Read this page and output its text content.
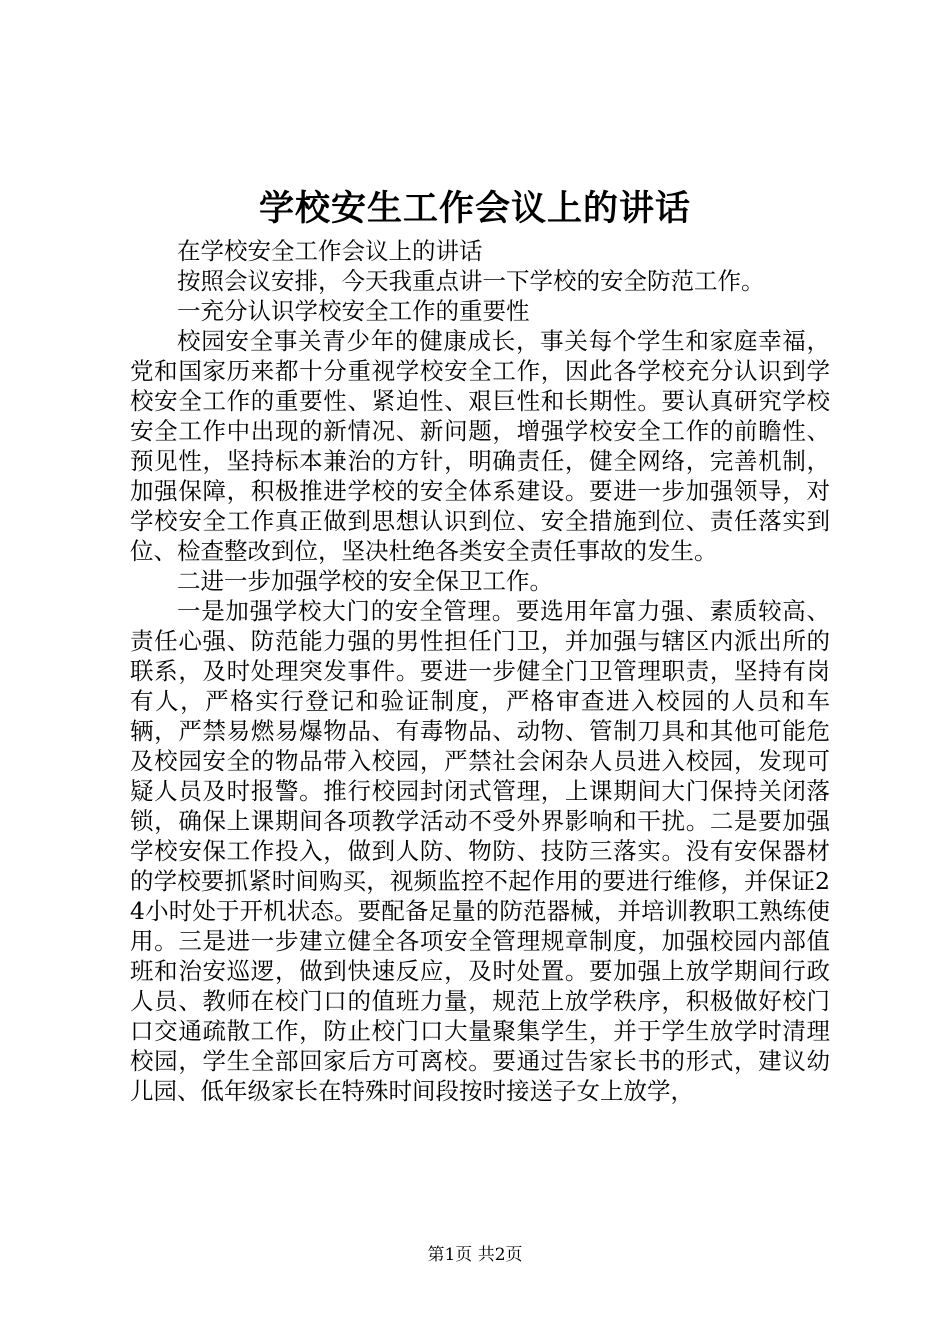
学校安生工作会议上的讲话

在学校安全工作会议上的讲话

按照会议安排，今天我重点讲一下学校的安全防范工作。

一充分认识学校安全工作的重要性

校园安全事关青少年的健康成长，事关每个学生和家庭幸福，党和国家历来都十分重视学校安全工作，因此各学校充分认识到学校安全工作的重要性、紧迫性、艰巨性和长期性。要认真研究学校安全工作中出现的新情况、新问题，增强学校安全工作的前瞻性、预见性，坚持标本兼治的方针，明确责任，健全网络，完善机制，加强保障，积极推进学校的安全体系建设。要进一步加强领导，对学校安全工作真正做到思想认识到位、安全措施到位、责任落实到位、检查整改到位，坚决杜绝各类安全责任事故的发生。

二进一步加强学校的安全保卫工作。

一是加强学校大门的安全管理。要选用年富力强、素质较高、责任心强、防范能力强的男性担任门卫，并加强与辖区内派出所的联系，及时处理突发事件。要进一步健全门卫管理职责，坚持有岗有人，严格实行登记和验证制度，严格审查进入校园的人员和车辆，严禁易燃易爆物品、有毒物品、动物、管制刀具和其他可能危及校园安全的物品带入校园，严禁社会闲杂人员进入校园，发现可疑人员及时报警。推行校园封闭式管理，上课期间大门保持关闭落锁，确保上课期间各项教学活动不受外界影响和干扰。二是要加强学校安保工作投入，做到人防、物防、技防三落实。没有安保器材的学校要抓紧时间购买，视频监控不起作用的要进行维修，并保证24小时处于开机状态。要配备足量的防范器械，并培训教职工熟练使用。三是进一步建立健全各项安全管理规章制度，加强校园内部值班和治安巡逻，做到快速反应，及时处置。要加强上放学期间行政人员、教师在校门口的值班力量，规范上放学秩序，积极做好校门口交通疏散工作，防止校门口大量聚集学生，并于学生放学时清理校园，学生全部回家后方可离校。要通过告家长书的形式，建议幼儿园、低年级家长在特殊时间段按时接送子女上放学，

第1页 共2页
